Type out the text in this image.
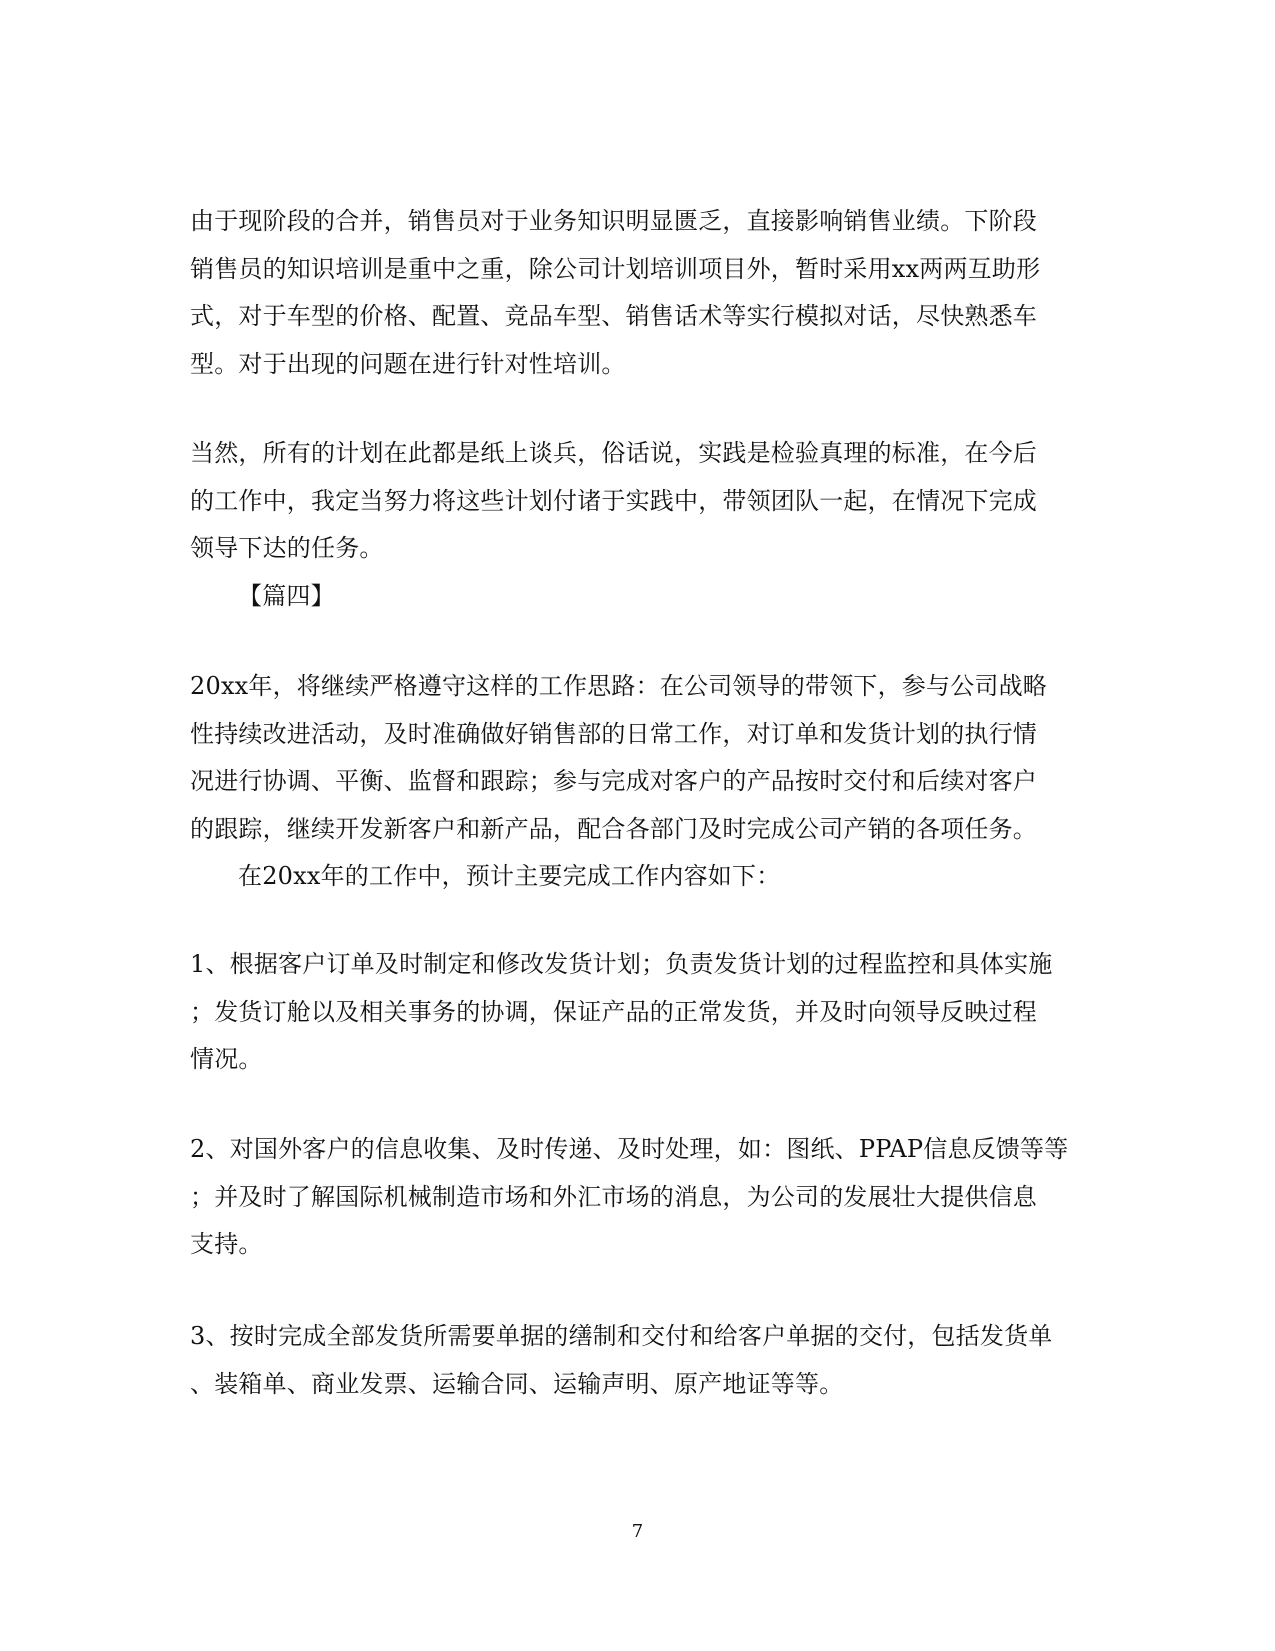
由于现阶段的合并，销售员对于业务知识明显匮乏，直接影响销售业绩。下阶段
销售员的知识培训是重中之重，除公司计划培训项目外，暂时采用xx两两互助形
式，对于车型的价格、配置、竞品车型、销售话术等实行模拟对话，尽快熟悉车
型。对于出现的问题在进行针对性培训。
当然，所有的计划在此都是纸上谈兵，俗话说，实践是检验真理的标准，在今后
的工作中，我定当努力将这些计划付诸于实践中，带领团队一起，在情况下完成
领导下达的任务。
【篇四】
20xx年，将继续严格遵守这样的工作思路：在公司领导的带领下，参与公司战略
性持续改进活动，及时准确做好销售部的日常工作，对订单和发货计划的执行情
况进行协调、平衡、监督和跟踪；参与完成对客户的产品按时交付和后续对客户
的跟踪，继续开发新客户和新产品，配合各部门及时完成公司产销的各项任务。
在20xx年的工作中，预计主要完成工作内容如下：
1、根据客户订单及时制定和修改发货计划；负责发货计划的过程监控和具体实施
；发货订舱以及相关事务的协调，保证产品的正常发货，并及时向领导反映过程
情况。
2、对国外客户的信息收集、及时传递、及时处理，如：图纸、PPAP信息反馈等等
；并及时了解国际机械制造市场和外汇市场的消息，为公司的发展壮大提供信息
支持。
3、按时完成全部发货所需要单据的缮制和交付和给客户单据的交付，包括发货单
、装箱单、商业发票、运输合同、运输声明、原产地证等等。
7
